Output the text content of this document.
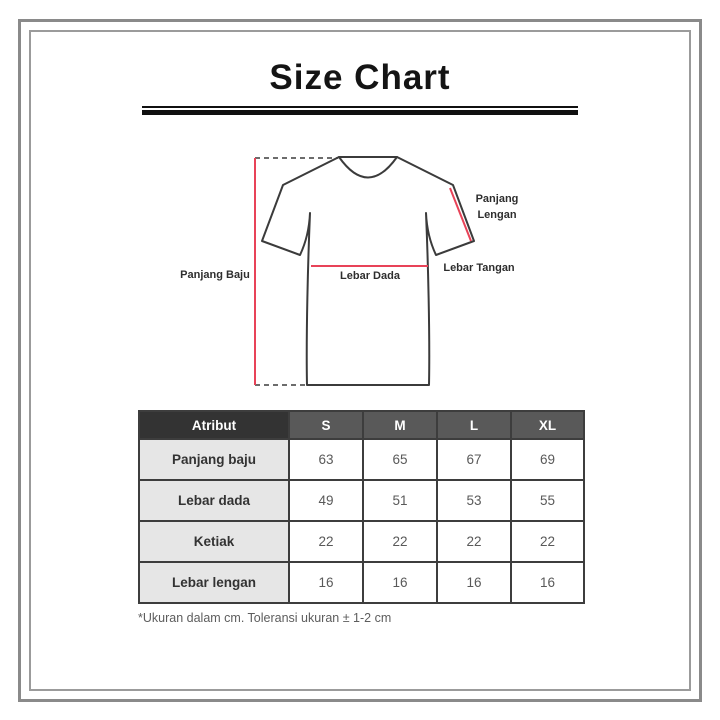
Size Chart
Panjang Baju	Lebar Dada
Panjang
Lengan
Lebar Tangan
Atribut	S	M	L	XL
Panjang baju	63	65	67	69
Lebar dada	49	51	53	55
Ketiak	22	22	22	22
Lebar lengan	16	16	16	16
*Ukuran dalam cm. Toleransi ukuran ± 1-2 cm
